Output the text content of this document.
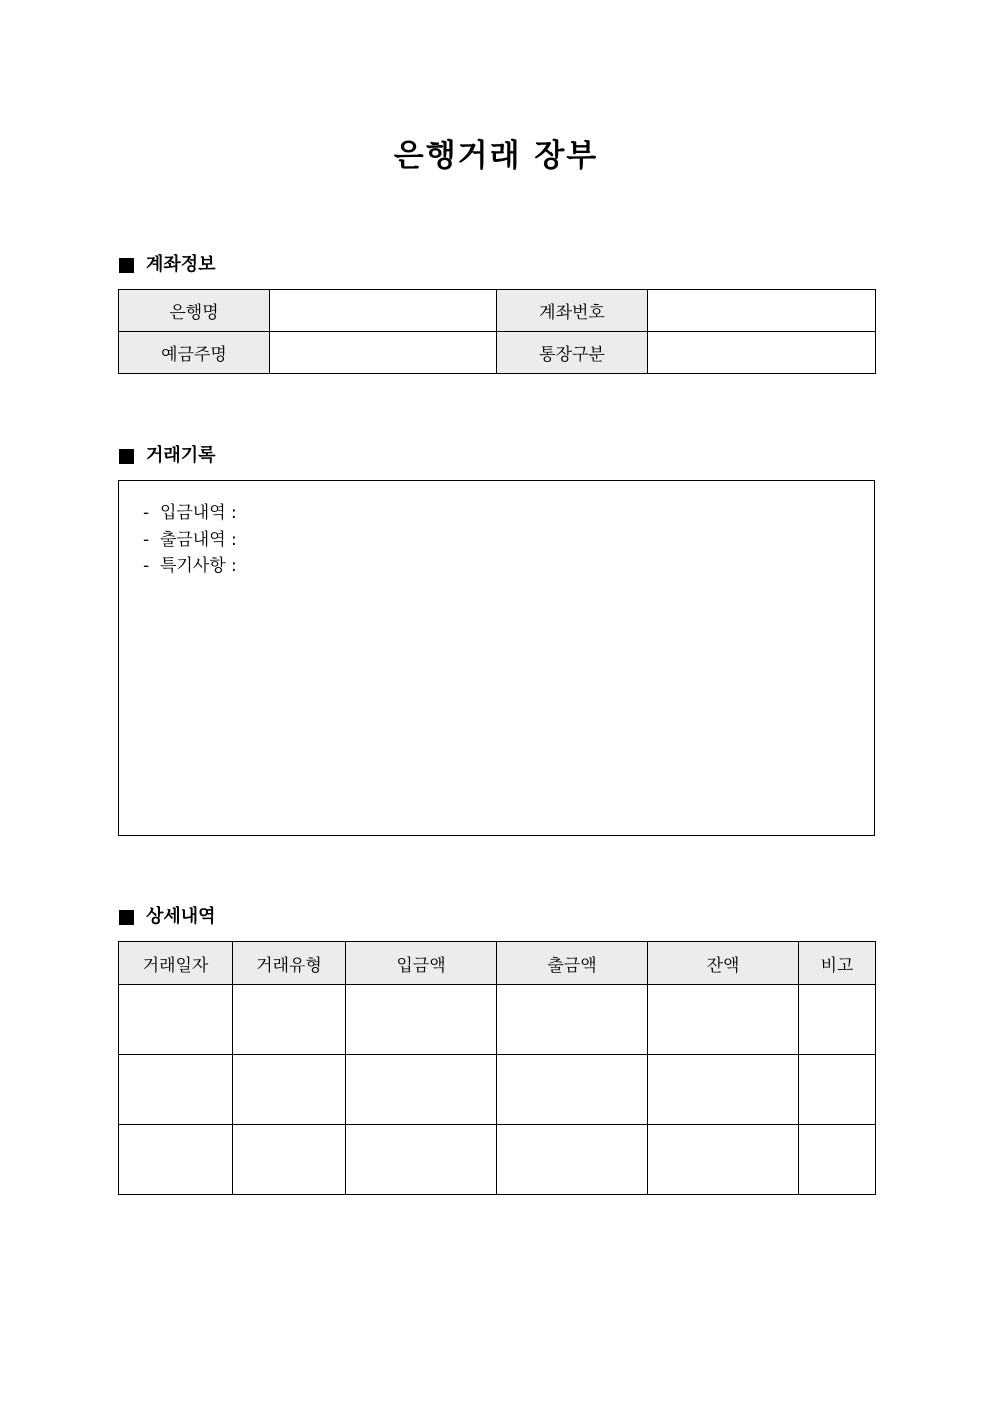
은행거래 장부
계좌정보
은행명		계좌번호	
예금주명		통장구분	
거래기록
-  입금내역 :
-  출금내역 :
-  특기사항 :
상세내역
거래일자	거래유형	입금액	출금액	잔액	비고
